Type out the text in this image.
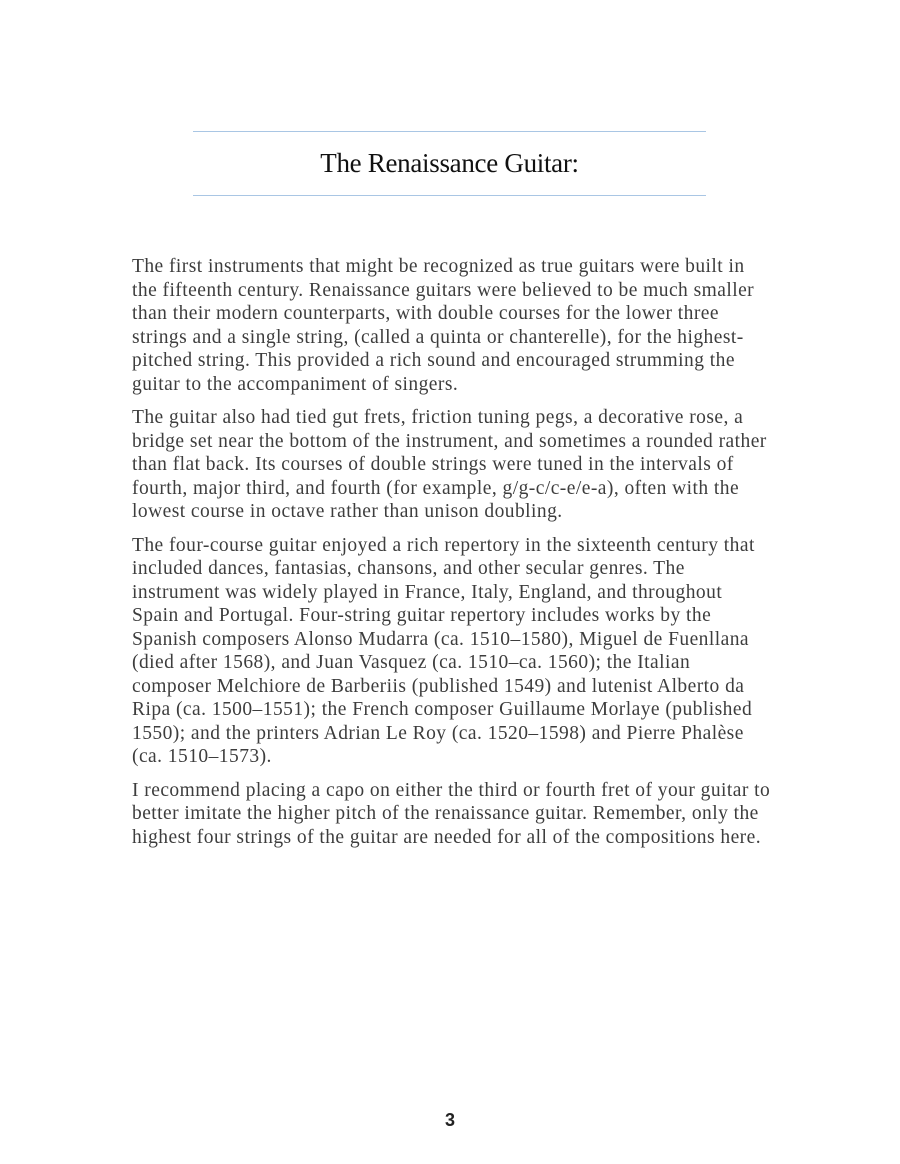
The Renaissance Guitar:

The first instruments that might be recognized as true guitars were built in the fifteenth century. Renaissance guitars were believed to be much smaller than their modern counterparts, with double courses for the lower three strings and a single string, (called a quinta or chanterelle), for the highest-pitched string. This provided a rich sound and encouraged strumming the guitar to the accompaniment of singers.

The guitar also had tied gut frets, friction tuning pegs, a decorative rose, a bridge set near the bottom of the instrument, and sometimes a rounded rather than flat back. Its courses of double strings were tuned in the intervals of fourth, major third, and fourth (for example, g/g-c/c-e/e-a), often with the lowest course in octave rather than unison doubling.

The four-course guitar enjoyed a rich repertory in the sixteenth century that included dances, fantasias, chansons, and other secular genres. The instrument was widely played in France, Italy, England, and throughout Spain and Portugal. Four-string guitar repertory includes works by the Spanish composers Alonso Mudarra (ca. 1510–1580), Miguel de Fuenllana (died after 1568), and Juan Vasquez (ca. 1510–ca. 1560); the Italian composer Melchiore de Barberiis (published 1549) and lutenist Alberto da Ripa (ca. 1500–1551); the French composer Guillaume Morlaye (published 1550); and the printers Adrian Le Roy (ca. 1520–1598) and Pierre Phalèse (ca. 1510–1573).

I recommend placing a capo on either the third or fourth fret of your guitar to better imitate the higher pitch of the renaissance guitar. Remember, only the highest four strings of the guitar are needed for all of the compositions here.

3
